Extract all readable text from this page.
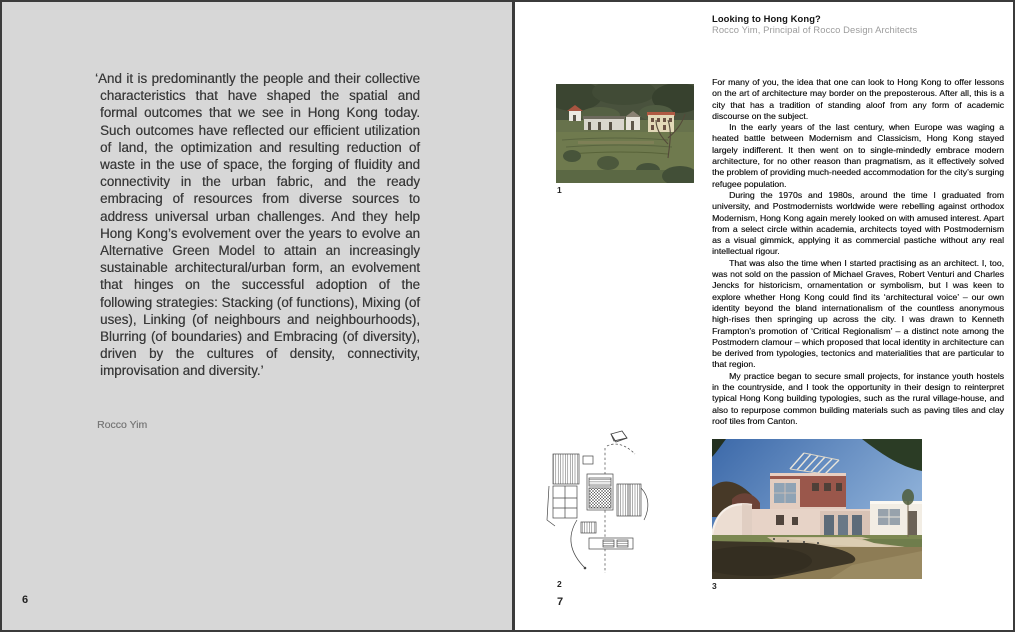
‘And it is predominantly the people and their collective characteristics that have shaped the spatial and formal outcomes that we see in Hong Kong today. Such outcomes have reflected our efficient utilization of land, the optimization and resulting reduction of waste in the use of space, the forging of fluidity and connectivity in the urban fabric, and the ready embracing of resources from diverse sources to address universal urban challenges. And they help Hong Kong’s evolvement over the years to evolve an Alternative Green Model to attain an increasingly sustainable architectural/urban form, an evolvement that hinges on the successful adoption of the following strategies: Stacking (of functions), Mixing (of uses), Linking (of neighbours and neighbourhoods), Blurring (of boundaries) and Embracing (of diversity), driven by the cultures of density, connectivity, improvisation and diversity.’
Rocco Yim
6
Looking to Hong Kong?
Rocco Yim, Principal of Rocco Design Architects
1

For many of you, the idea that one can look to Hong Kong to offer lessons on the art of architecture may border on the preposterous. After all, this is a city that has a tradition of standing aloof from any form of academic discourse on the subject.

In the early years of the last century, when Europe was waging a heated battle between Modernism and Classicism, Hong Kong stayed largely indifferent. It then went on to single-mindedly embrace modern architecture, for no other reason than pragmatism, as it effectively solved the problem of providing much-needed accommodation for the city’s surging refugee population.

During the 1970s and 1980s, around the time I graduated from university, and Postmodernists worldwide were rebelling against orthodox Modernism, Hong Kong again merely looked on with amused interest. Apart from a select circle within academia, architects toyed with Postmodernism as a visual gimmick, applying it as commercial pastiche without any real intellectual rigour.

That was also the time when I started practising as an architect. I, too, was not sold on the passion of Michael Graves, Robert Venturi and Charles Jencks for historicism, ornamentation or symbolism, but I was keen to explore whether Hong Kong could find its ‘architectural voice’ – our own identity beyond the bland internationalism of the countless anonymous high-rises then springing up across the city. I was drawn to Kenneth Frampton’s promotion of ‘Critical Regionalism’ – a distinct note among the Postmodern clamour – which proposed that local identity in architecture can be derived from typologies, tectonics and materialities that are particular to that region.

My practice began to secure small projects, for instance youth hostels in the countryside, and I took the opportunity in their design to reinterpret typical Hong Kong building typologies, such as the rural village-house, and also to repurpose common building materials such as paving tiles and clay roof tiles from Canton.

2	3
7
